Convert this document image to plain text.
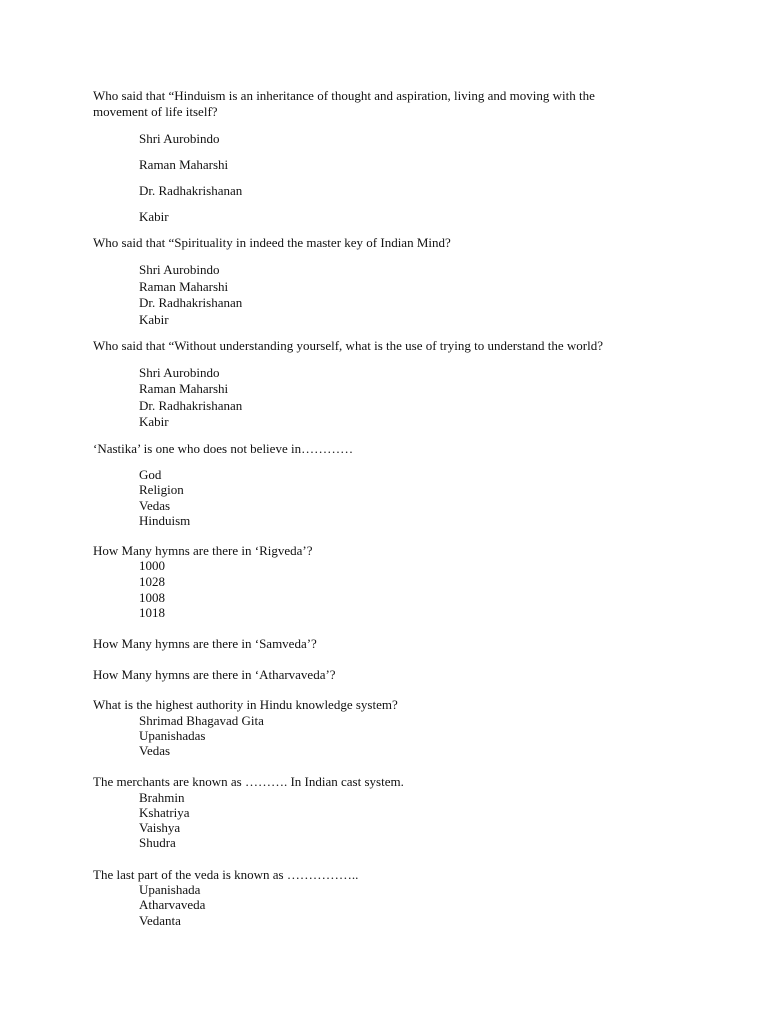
Who said that “Hinduism is an inheritance of thought and aspiration, living and moving with the
movement of life itself?
Shri Aurobindo
Raman Maharshi
Dr. Radhakrishanan
Kabir
Who said that “Spirituality in indeed the master key of Indian Mind?
Shri Aurobindo
Raman Maharshi
Dr. Radhakrishanan
Kabir
Who said that “Without understanding yourself, what is the use of trying to understand the world?
Shri Aurobindo
Raman Maharshi
Dr. Radhakrishanan
Kabir
‘Nastika’ is one who does not believe in…………
God
Religion
Vedas
Hinduism
How Many hymns are there in ‘Rigveda’?
1000
1028
1008
1018
How Many hymns are there in ‘Samveda’?
How Many hymns are there in ‘Atharvaveda’?
What is the highest authority in Hindu knowledge system?
Shrimad Bhagavad Gita
Upanishadas
Vedas
The merchants are known as ………. In Indian cast system.
Brahmin
Kshatriya
Vaishya
Shudra
The last part of the veda is known as ……………..
Upanishada
Atharvaveda
Vedanta
